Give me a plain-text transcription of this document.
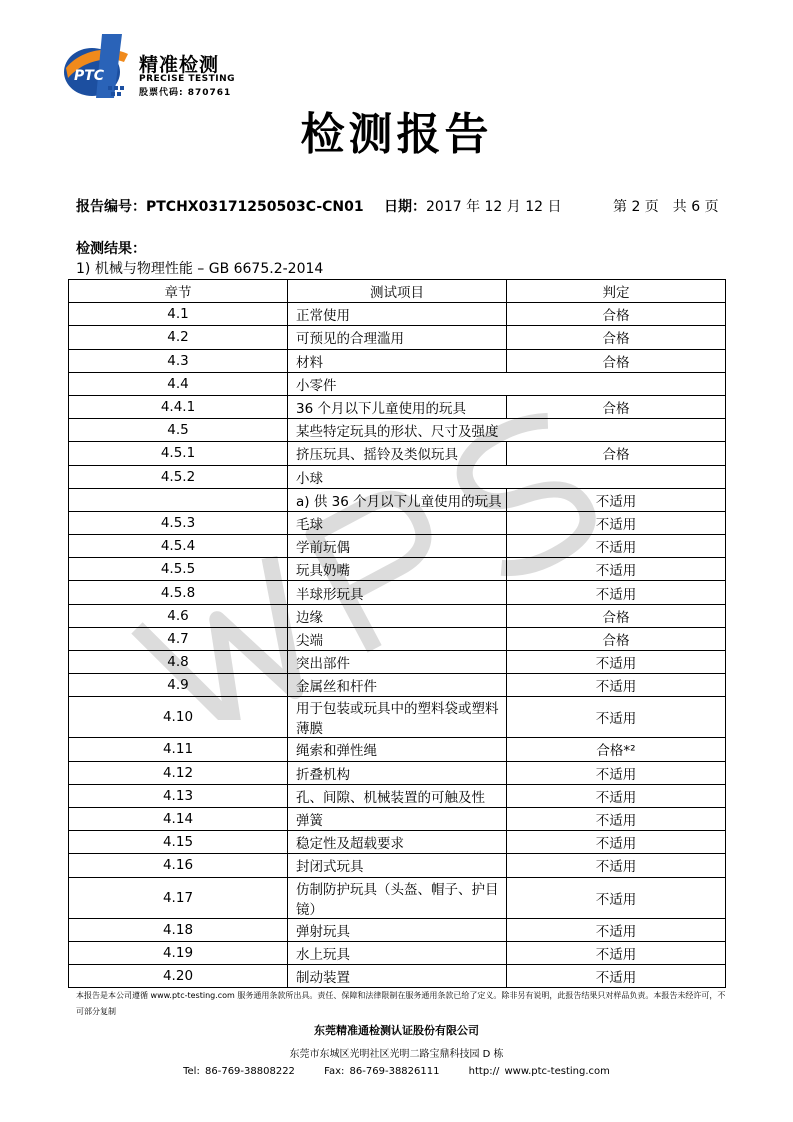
PTC 精准检测
PRECISE TESTING
股票代码: 870761
检测报告
报告编号：PTCHX03171250503C-CN01 日期：2017 年 12 月 12 日	第 2 页　共 6 页
检测结果：
1) 机械与物理性能 – GB 6675.2-2014
章节	测试项目	判定
4.1	正常使用	合格
4.2	可预见的合理滥用	合格
4.3	材料	合格
4.4	小零件	
4.4.1	36 个月以下儿童使用的玩具	合格
4.5	某些特定玩具的形状、尺寸及强度	
4.5.1	挤压玩具、摇铃及类似玩具	合格
4.5.2	小球	
	a) 供 36 个月以下儿童使用的玩具	不适用
4.5.3	毛球	不适用
4.5.4	学前玩偶	不适用
4.5.5	玩具奶嘴	不适用
4.5.8	半球形玩具	不适用
4.6	边缘	合格
4.7	尖端	合格
4.8	突出部件	不适用
4.9	金属丝和杆件	不适用
4.10	用于包装或玩具中的塑料袋或塑料薄膜	不适用
4.11	绳索和弹性绳	合格*²
4.12	折叠机构	不适用
4.13	孔、间隙、机械装置的可触及性	不适用
4.14	弹簧	不适用
4.15	稳定性及超载要求	不适用
4.16	封闭式玩具	不适用
4.17	仿制防护玩具（头盔、帽子、护目镜）	不适用
4.18	弹射玩具	不适用
4.19	水上玩具	不适用
4.20	制动装置	不适用
本报告是本公司遵循 www.ptc-testing.com 服务通用条款所出具。责任、保障和法律限制在服务通用条款已给了定义。除非另有说明，此报告结果只对样品负责。本报告未经许可，不可部分复制
东莞精准通检测认证股份有限公司
东莞市东城区光明社区光明二路宝鼎科技园 D 栋
Tel: 86-769-38808222	Fax: 86-769-38826111	http:// www.ptc-testing.com
